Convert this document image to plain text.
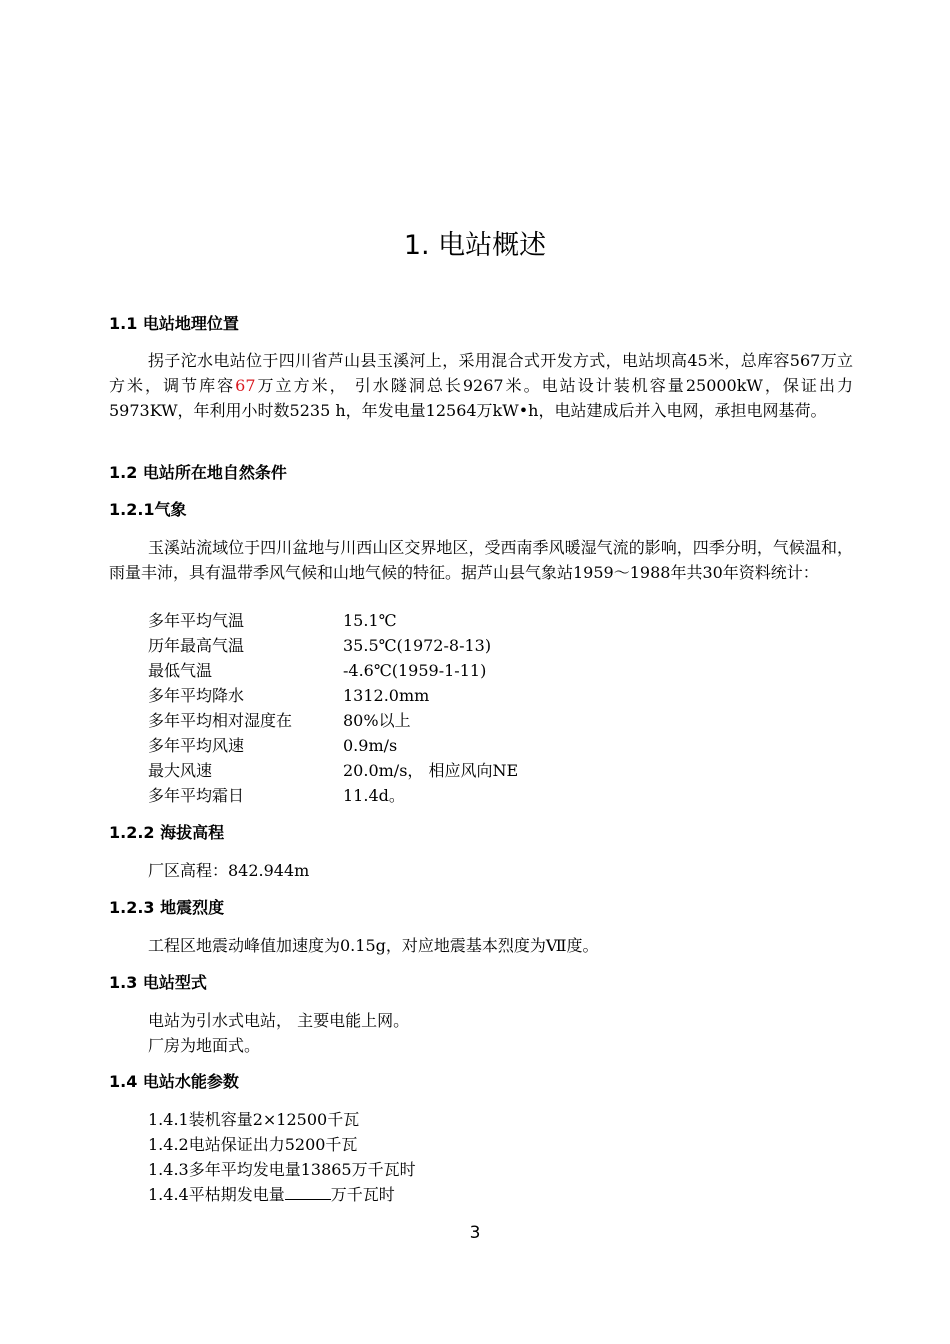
1. 电站概述
1.1 电站地理位置
拐子沱水电站位于四川省芦山县玉溪河上，采用混合式开发方式，电站坝高45米，总库容567万立方米，调节库容67万立方米， 引水隧洞总长9267米。电站设计装机容量25000kW，保证出力5973KW，年利用小时数5235 h，年发电量12564万kW•h，电站建成后并入电网，承担电网基荷。
1.2 电站所在地自然条件
1.2.1气象
玉溪站流域位于四川盆地与川西山区交界地区，受西南季风暖湿气流的影响，四季分明，气候温和，雨量丰沛，具有温带季风气候和山地气候的特征。据芦山县气象站1959～1988年共30年资料统计：
多年平均气温	15.1℃
历年最高气温	35.5℃(1972-8-13)
最低气温	-4.6℃(1959-1-11)
多年平均降水	1312.0mm
多年平均相对湿度在	80%以上
多年平均风速	0.9m/s
最大风速	20.0m/s， 相应风向NE
多年平均霜日	11.4d。
1.2.2 海拔高程
厂区高程：842.944m
1.2.3 地震烈度
工程区地震动峰值加速度为0.15g，对应地震基本烈度为Ⅶ度。
1.3 电站型式
电站为引水式电站， 主要电能上网。
厂房为地面式。
1.4 电站水能参数
1.4.1装机容量2×12500千瓦
1.4.2电站保证出力5200千瓦
1.4.3多年平均发电量13865万千瓦时
1.4.4平枯期发电量	万千瓦时
3
